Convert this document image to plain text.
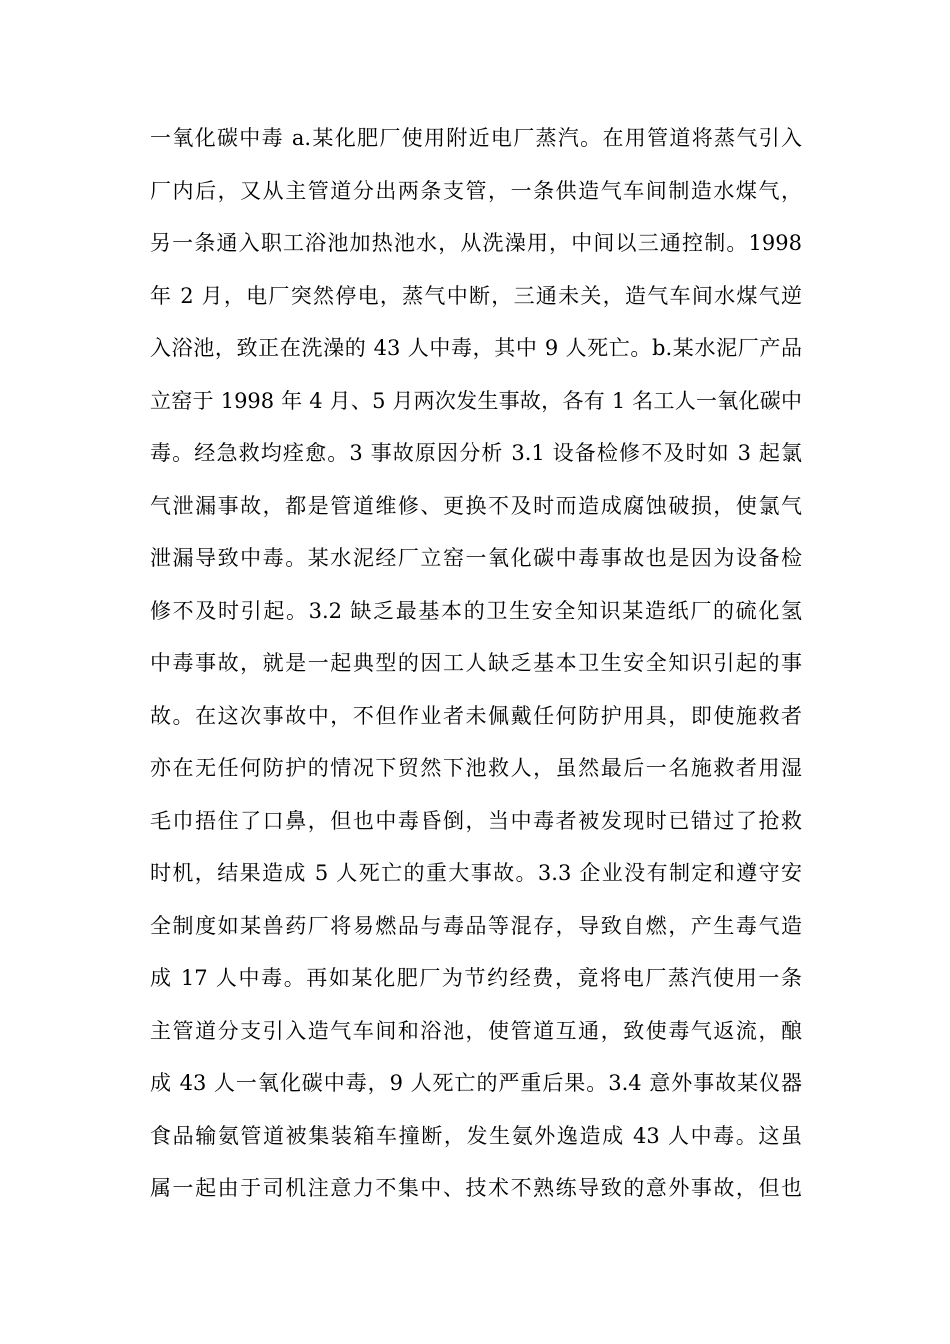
一氧化碳中毒 a.某化肥厂使用附近电厂蒸汽。在用管道将蒸气引入
厂内后，又从主管道分出两条支管，一条供造气车间制造水煤气，
另一条通入职工浴池加热池水，从洗澡用，中间以三通控制。1998
年 2 月，电厂突然停电，蒸气中断，三通未关，造气车间水煤气逆
入浴池，致正在洗澡的 43 人中毒，其中 9 人死亡。b.某水泥厂产品
立窑于 1998 年 4 月、5 月两次发生事故，各有 1 名工人一氧化碳中
毒。经急救均痊愈。3 事故原因分析 3.1 设备检修不及时如 3 起氯
气泄漏事故，都是管道维修、更换不及时而造成腐蚀破损，使氯气
泄漏导致中毒。某水泥经厂立窑一氧化碳中毒事故也是因为设备检
修不及时引起。3.2 缺乏最基本的卫生安全知识某造纸厂的硫化氢
中毒事故，就是一起典型的因工人缺乏基本卫生安全知识引起的事
故。在这次事故中，不但作业者未佩戴任何防护用具，即使施救者
亦在无任何防护的情况下贸然下池救人，虽然最后一名施救者用湿
毛巾捂住了口鼻，但也中毒昏倒，当中毒者被发现时已错过了抢救
时机，结果造成 5 人死亡的重大事故。3.3 企业没有制定和遵守安
全制度如某兽药厂将易燃品与毒品等混存，导致自燃，产生毒气造
成 17 人中毒。再如某化肥厂为节约经费，竟将电厂蒸汽使用一条
主管道分支引入造气车间和浴池，使管道互通，致使毒气返流，酿
成 43 人一氧化碳中毒，9 人死亡的严重后果。3.4 意外事故某仪器
食品输氨管道被集装箱车撞断，发生氨外逸造成 43 人中毒。这虽
属一起由于司机注意力不集中、技术不熟练导致的意外事故，但也
